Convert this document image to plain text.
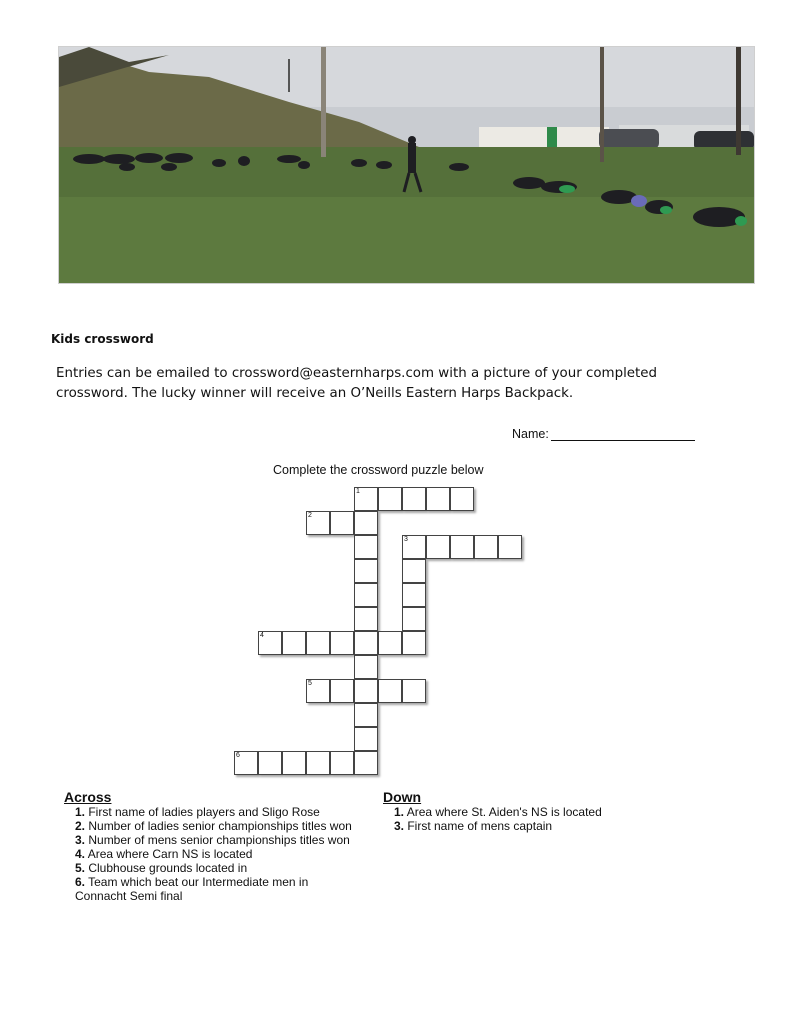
Kids crossword
Entries can be emailed to crossword@easternharps.com with a picture of your completed crossword. The lucky winner will receive an O’Neills Eastern Harps Backpack.
Name:
Complete the crossword puzzle below
1
2
3
4
5
6
Across
1. First name of ladies players and Sligo Rose
2. Number of ladies senior championships titles won
3. Number of mens senior championships titles won
4. Area where Carn NS is located
5. Clubhouse grounds located in
6. Team which beat our Intermediate men in
Connacht Semi final
Down
1. Area where St. Aiden's NS is located
3. First name of mens captain
